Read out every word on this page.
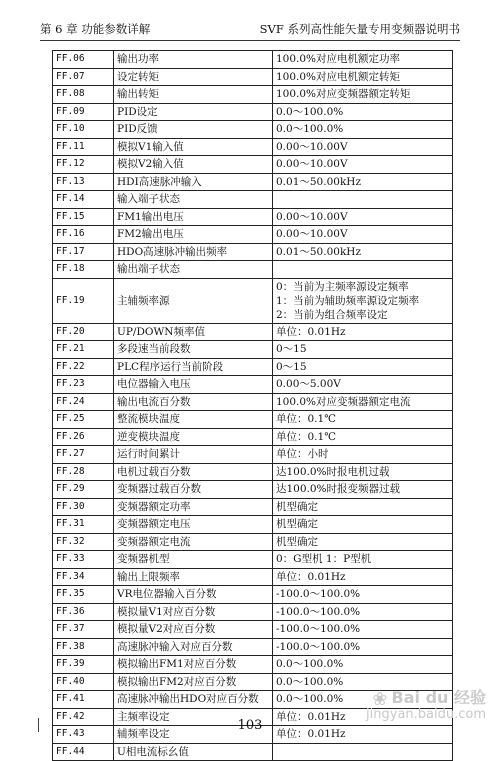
第 6 章 功能参数详解	SVF 系列高性能矢量专用变频器说明书
FF.06	输出功率	100.0%对应电机额定功率

FF.07	设定转矩	100.0%对应电机额定转矩

FF.08	输出转矩	100.0%对应变频器额定转矩

FF.09	PID设定	0.0～100.0%

FF.10	PID反馈	0.0～100.0%

FF.11	模拟V1输入值	0.00～10.00V

FF.12	模拟V2输入值	0.00～10.00V

FF.13	HDI高速脉冲输入	0.01～50.00kHz

FF.14	输入端子状态	

FF.15	FM1输出电压	0.00～10.00V

FF.16	FM2输出电压	0.00～10.00V

FF.17	HDO高速脉冲输出频率	0.01～50.00kHz

FF.18	输出端子状态	

FF.19	主辅频率源	0：当前为主频率源设定频率
1：当前为辅助频率源设定频率
2：当前为组合频率设定

FF.20	UP/DOWN频率值	单位：0.01Hz

FF.21	多段速当前段数	0～15

FF.22	PLC程序运行当前阶段	0～15

FF.23	电位器输入电压	0.00～5.00V

FF.24	输出电流百分数	100.0%对应变频器额定电流

FF.25	整流模块温度	单位：0.1℃

FF.26	逆变模块温度	单位：0.1℃

FF.27	运行时间累计	单位：小时

FF.28	电机过载百分数	达100.0%时报电机过载

FF.29	变频器过载百分数	达100.0%时报变频器过载

FF.30	变频器额定功率	机型确定

FF.31	变频器额定电压	机型确定

FF.32	变频器额定电流	机型确定

FF.33	变频器机型	0：G型机 1：P型机

FF.34	输出上限频率	单位：0.01Hz

FF.35	VR电位器输入百分数	-100.0～100.0%

FF.36	模拟量V1对应百分数	-100.0～100.0%

FF.37	模拟量V2对应百分数	-100.0～100.0%

FF.38	高速脉冲输入对应百分数	-100.0～100.0%

FF.39	模拟输出FM1对应百分数	0.0～100.0%

FF.40	模拟输出FM2对应百分数	0.0～100.0%

FF.41	高速脉冲输出HDO对应百分数	0.0～100.0%

FF.42	主频率设定	单位：0.01Hz

FF.43	辅频率设定	单位：0.01Hz

FF.44	U相电流标幺值	
103
❀ Bai du 经验
jingyan.baidu.com
